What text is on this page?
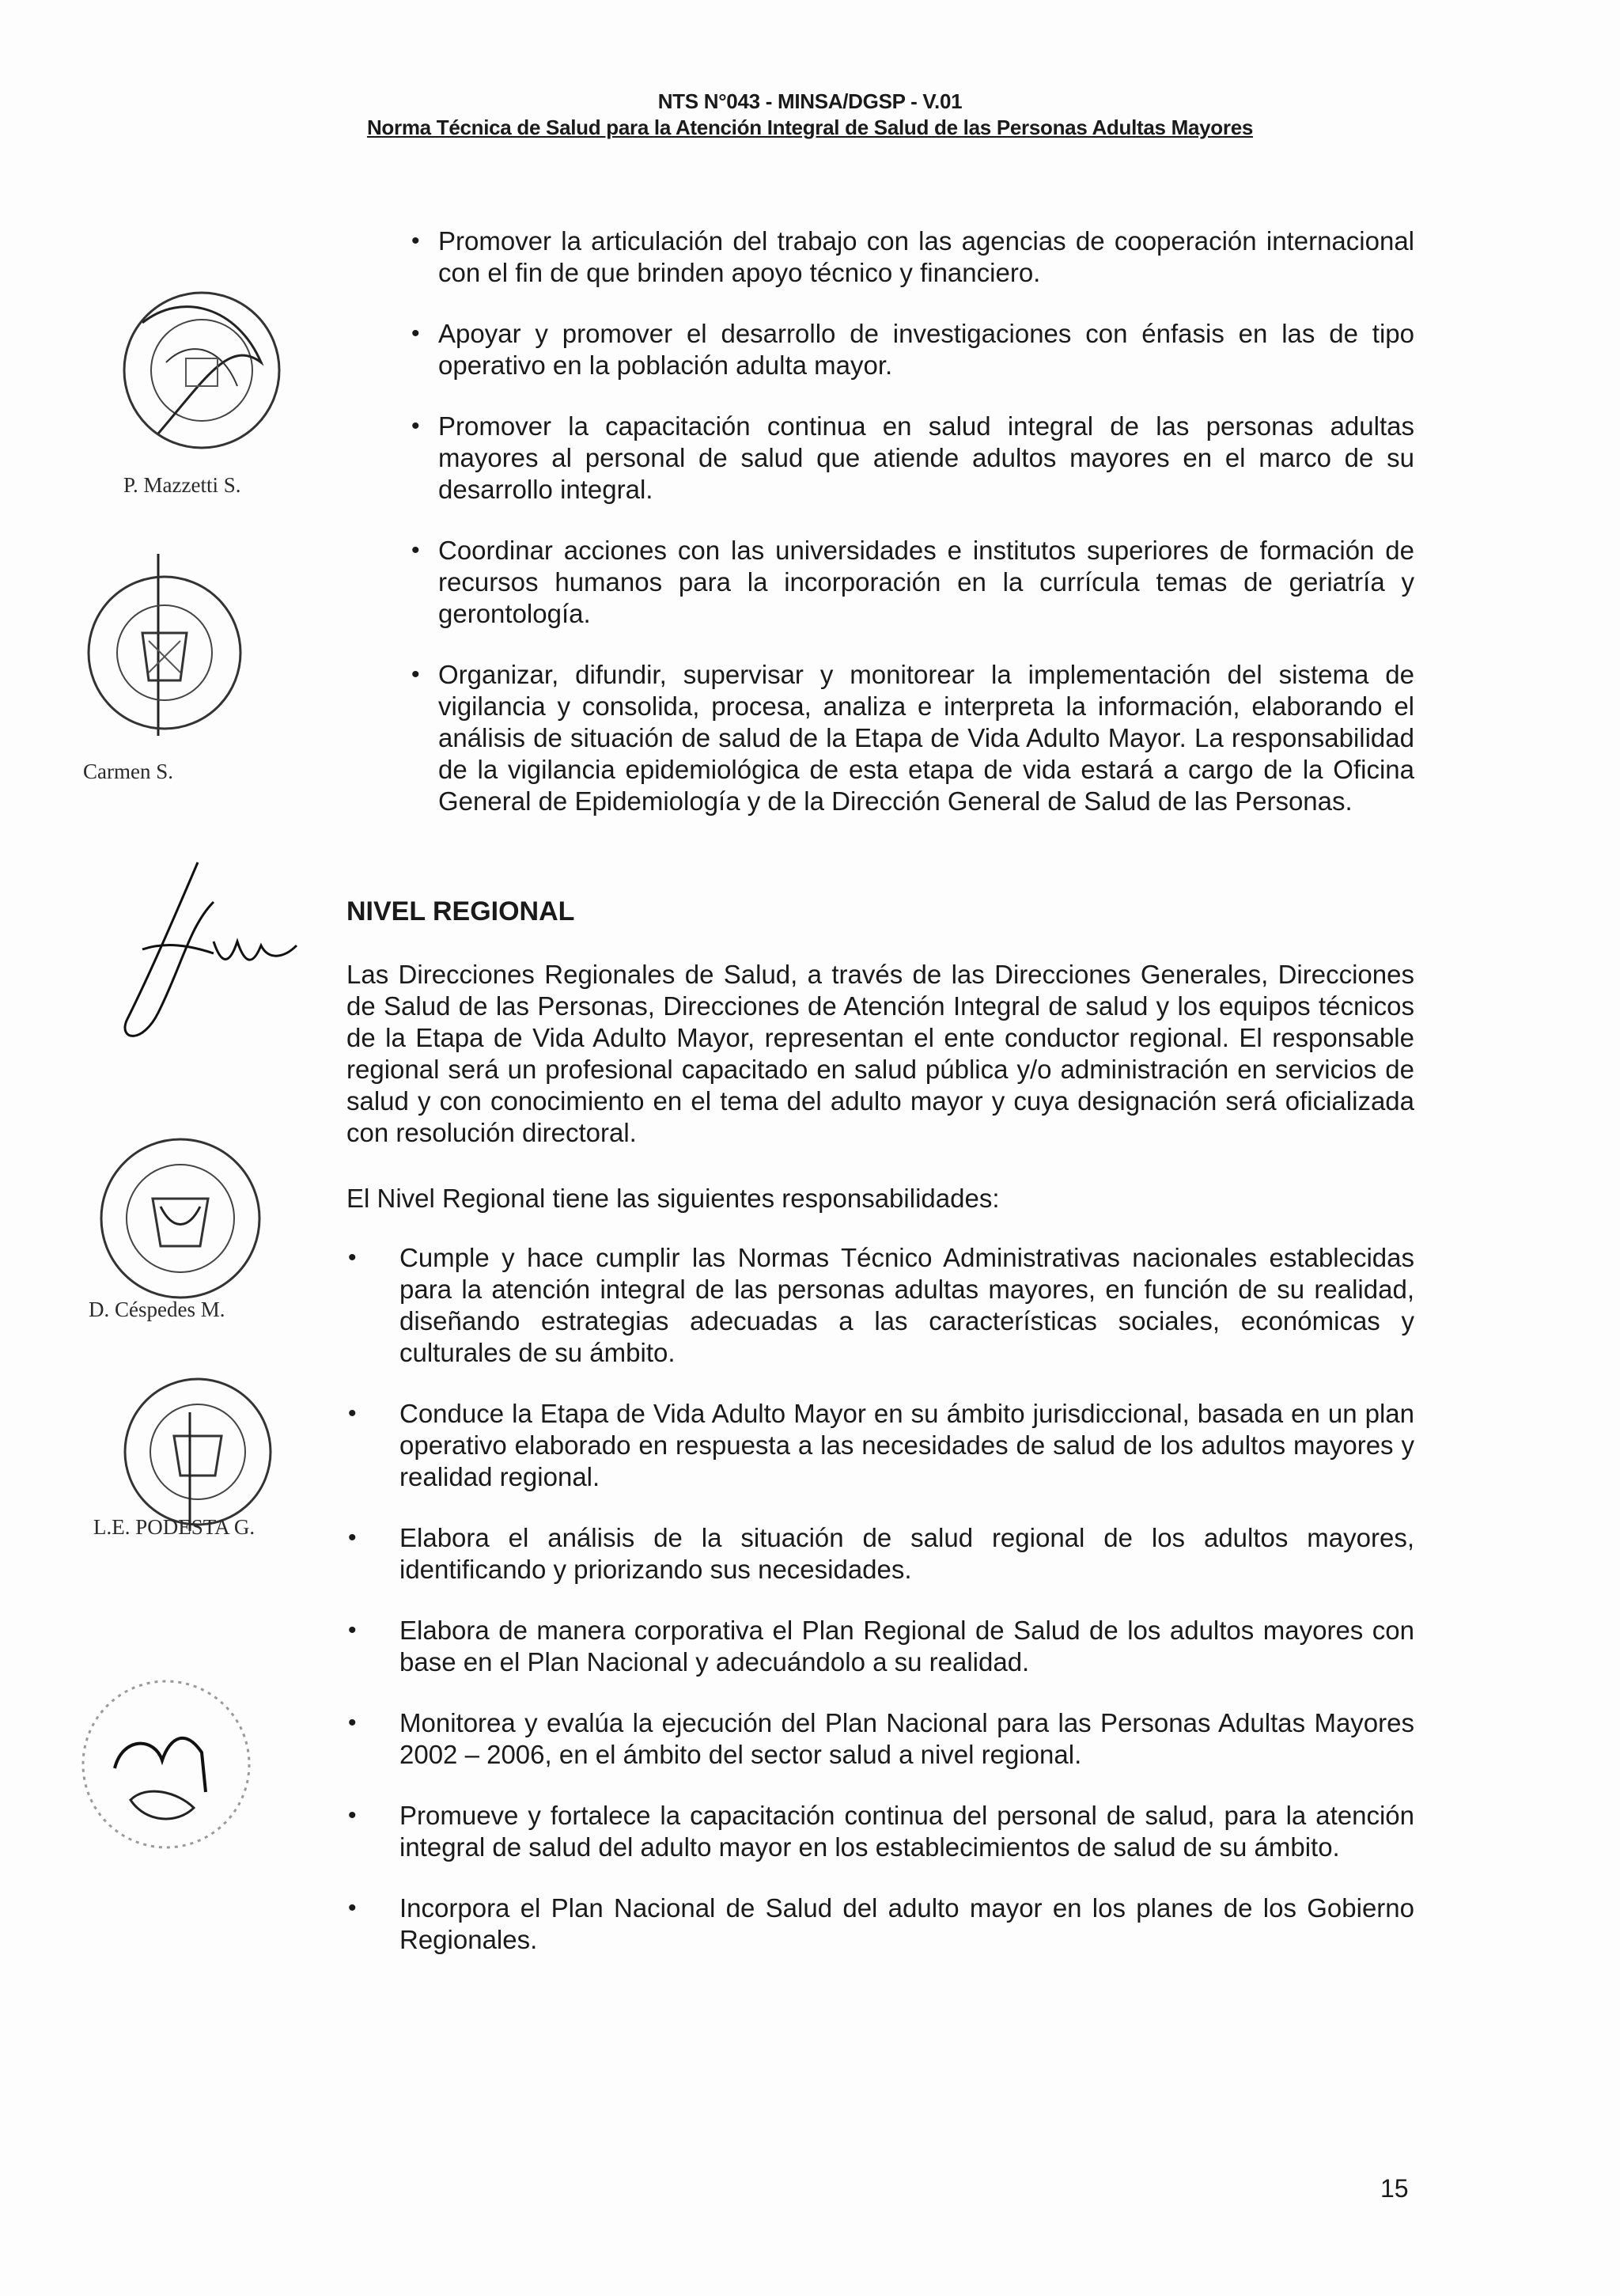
NTS N°043 - MINSA/DGSP - V.01
Norma Técnica de Salud para la Atención Integral de Salud de las Personas Adultas Mayores
P. Mazzetti S.
Carmen S.
D. Céspedes M.
L.E. PODESTA G.
• Promover la articulación del trabajo con las agencias de cooperación internacional con el fin de que brinden apoyo técnico y financiero.
• Apoyar y promover el desarrollo de investigaciones con énfasis en las de tipo operativo en la población adulta mayor.
• Promover la capacitación continua en salud integral de las personas adultas mayores al personal de salud que atiende adultos mayores en el marco de su desarrollo integral.
• Coordinar acciones con las universidades e institutos superiores de formación de recursos humanos para la incorporación en la currícula temas de geriatría y gerontología.
• Organizar, difundir, supervisar y monitorear la implementación del sistema de vigilancia y consolida, procesa, analiza e interpreta la información, elaborando el análisis de situación de salud de la Etapa de Vida Adulto Mayor. La responsabilidad de la vigilancia epidemiológica de esta etapa de vida estará a cargo de la Oficina General de Epidemiología y de la Dirección General de Salud de las Personas.
NIVEL REGIONAL

Las Direcciones Regionales de Salud, a través de las Direcciones Generales, Direcciones de Salud de las Personas, Direcciones de Atención Integral de salud y los equipos técnicos de la Etapa de Vida Adulto Mayor, representan el ente conductor regional. El responsable regional será un profesional capacitado en salud pública y/o administración en servicios de salud y con conocimiento en el tema del adulto mayor y cuya designación será oficializada con resolución directoral.

El Nivel Regional tiene las siguientes responsabilidades:

• Cumple y hace cumplir las Normas Técnico Administrativas nacionales establecidas para la atención integral de las personas adultas mayores, en función de su realidad, diseñando estrategias adecuadas a las características sociales, económicas y culturales de su ámbito.
• Conduce la Etapa de Vida Adulto Mayor en su ámbito jurisdiccional, basada en un plan operativo elaborado en respuesta a las necesidades de salud de los adultos mayores y realidad regional.
• Elabora el análisis de la situación de salud regional de los adultos mayores, identificando y priorizando sus necesidades.
• Elabora de manera corporativa el Plan Regional de Salud de los adultos mayores con base en el Plan Nacional y adecuándolo a su realidad.
• Monitorea y evalúa la ejecución del Plan Nacional para las Personas Adultas Mayores 2002 – 2006, en el ámbito del sector salud a nivel regional.
• Promueve y fortalece la capacitación continua del personal de salud, para la atención integral de salud del adulto mayor en los establecimientos de salud de su ámbito.
• Incorpora el Plan Nacional de Salud del adulto mayor en los planes de los Gobierno Regionales.
15
